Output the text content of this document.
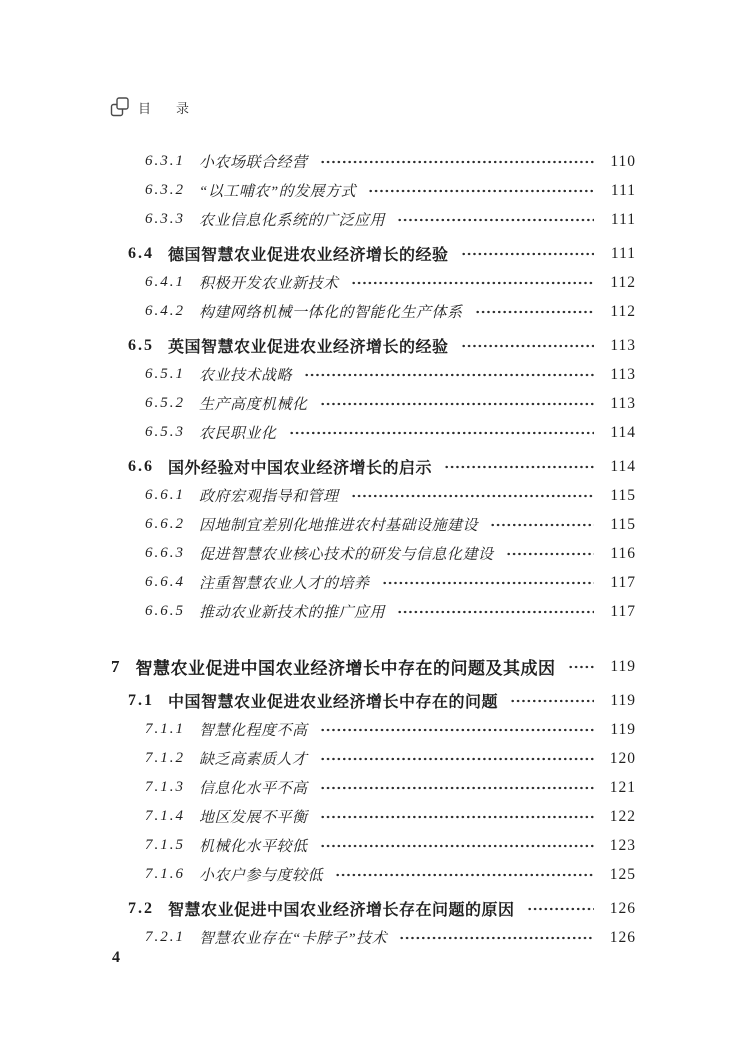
目　录
6.3.1 小农场联合经营	110
6.3.2 “以工哺农”的发展方式	111
6.3.3 农业信息化系统的广泛应用	111
6.4 德国智慧农业促进农业经济增长的经验	111
6.4.1 积极开发农业新技术	112
6.4.2 构建网络机械一体化的智能化生产体系	112
6.5 英国智慧农业促进农业经济增长的经验	113
6.5.1 农业技术战略	113
6.5.2 生产高度机械化	113
6.5.3 农民职业化	114
6.6 国外经验对中国农业经济增长的启示	114
6.6.1 政府宏观指导和管理	115
6.6.2 因地制宜差别化地推进农村基础设施建设	115
6.6.3 促进智慧农业核心技术的研发与信息化建设	116
6.6.4 注重智慧农业人才的培养	117
6.6.5 推动农业新技术的推广应用	117
7 智慧农业促进中国农业经济增长中存在的问题及其成因	119
7.1 中国智慧农业促进农业经济增长中存在的问题	119
7.1.1 智慧化程度不高	119
7.1.2 缺乏高素质人才	120
7.1.3 信息化水平不高	121
7.1.4 地区发展不平衡	122
7.1.5 机械化水平较低	123
7.1.6 小农户参与度较低	125
7.2 智慧农业促进中国农业经济增长存在问题的原因	126
7.2.1 智慧农业存在“卡脖子”技术	126
4
